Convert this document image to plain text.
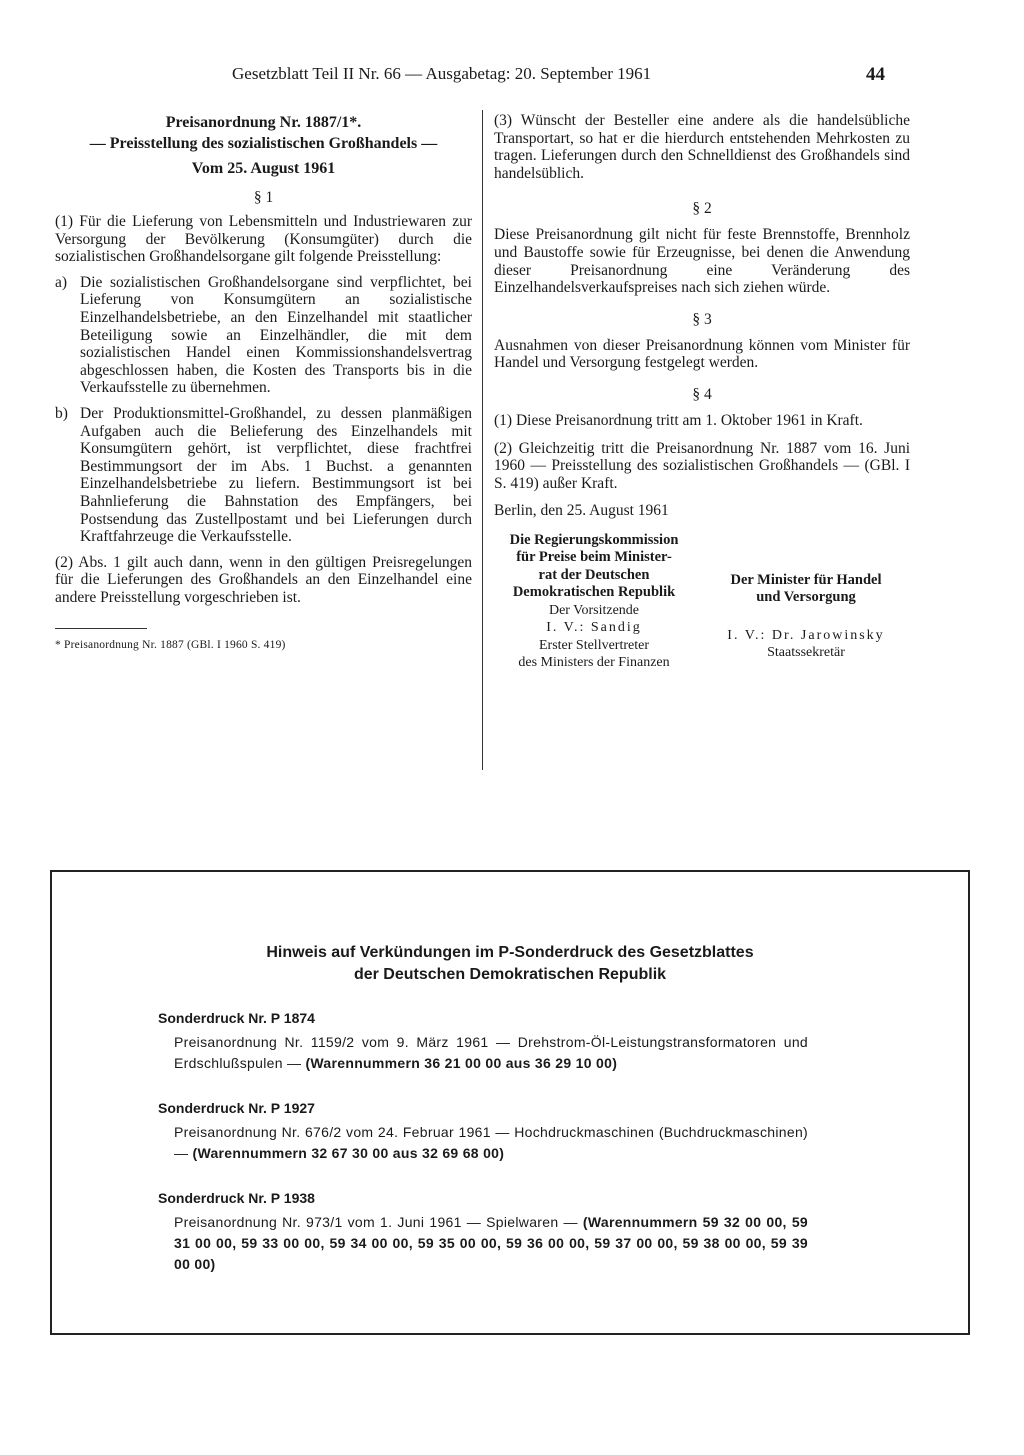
Gesetzblatt Teil II Nr. 66 — Ausgabetag: 20. September 1961	44
Preisanordnung Nr. 1887/1*.
— Preisstellung des sozialistischen Großhandels —
Vom 25. August 1961
§ 1
(1) Für die Lieferung von Lebensmitteln und Industriewaren zur Versorgung der Bevölkerung (Konsumgüter) durch die sozialistischen Großhandelsorgane gilt folgende Preisstellung:
a) Die sozialistischen Großhandelsorgane sind verpflichtet, bei Lieferung von Konsumgütern an sozialistische Einzelhandelsbetriebe, an den Einzelhandel mit staatlicher Beteiligung sowie an Einzelhändler, die mit dem sozialistischen Handel einen Kommissionshandelsvertrag abgeschlossen haben, die Kosten des Transports bis in die Verkaufsstelle zu übernehmen.
b) Der Produktionsmittel-Großhandel, zu dessen planmäßigen Aufgaben auch die Belieferung des Einzelhandels mit Konsumgütern gehört, ist verpflichtet, diese frachtfrei Bestimmungsort der im Abs. 1 Buchst. a genannten Einzelhandelsbetriebe zu liefern. Bestimmungsort ist bei Bahnlieferung die Bahnstation des Empfängers, bei Postsendung das Zustellpostamt und bei Lieferungen durch Kraftfahrzeuge die Verkaufsstelle.
(2) Abs. 1 gilt auch dann, wenn in den gültigen Preisregelungen für die Lieferungen des Großhandels an den Einzelhandel eine andere Preisstellung vorgeschrieben ist.
* Preisanordnung Nr. 1887 (GBl. I 1960 S. 419)
(3) Wünscht der Besteller eine andere als die handelsübliche Transportart, so hat er die hierdurch entstehenden Mehrkosten zu tragen. Lieferungen durch den Schnelldienst des Großhandels sind handelsüblich.
§ 2
Diese Preisanordnung gilt nicht für feste Brennstoffe, Brennholz und Baustoffe sowie für Erzeugnisse, bei denen die Anwendung dieser Preisanordnung eine Veränderung des Einzelhandelsverkaufspreises nach sich ziehen würde.
§ 3
Ausnahmen von dieser Preisanordnung können vom Minister für Handel und Versorgung festgelegt werden.
§ 4
(1) Diese Preisanordnung tritt am 1. Oktober 1961 in Kraft.
(2) Gleichzeitig tritt die Preisanordnung Nr. 1887 vom 16. Juni 1960 — Preisstellung des sozialistischen Großhandels — (GBl. I S. 419) außer Kraft.
Berlin, den 25. August 1961
Die Regierungskommission
für Preise beim Minister-
rat der Deutschen
Demokratischen Republik
Der Vorsitzende
I. V.: Sandig
Erster Stellvertreter
des Ministers der Finanzen
Der Minister für Handel
und Versorgung
I. V.: Dr. Jarowinsky
Staatssekretär
Hinweis auf Verkündungen im P-Sonderdruck des Gesetzblattes
der Deutschen Demokratischen Republik
Sonderdruck Nr. P 1874
Preisanordnung Nr. 1159/2 vom 9. März 1961 — Drehstrom-Öl-Leistungstransformatoren und Erdschlußspulen — (Warennummern 36 21 00 00 aus 36 29 10 00)
Sonderdruck Nr. P 1927
Preisanordnung Nr. 676/2 vom 24. Februar 1961 — Hochdruckmaschinen (Buchdruckmaschinen) — (Warennummern 32 67 30 00 aus 32 69 68 00)
Sonderdruck Nr. P 1938
Preisanordnung Nr. 973/1 vom 1. Juni 1961 — Spielwaren — (Warennummern 59 32 00 00, 59 31 00 00, 59 33 00 00, 59 34 00 00, 59 35 00 00, 59 36 00 00, 59 37 00 00, 59 38 00 00, 59 39 00 00)
